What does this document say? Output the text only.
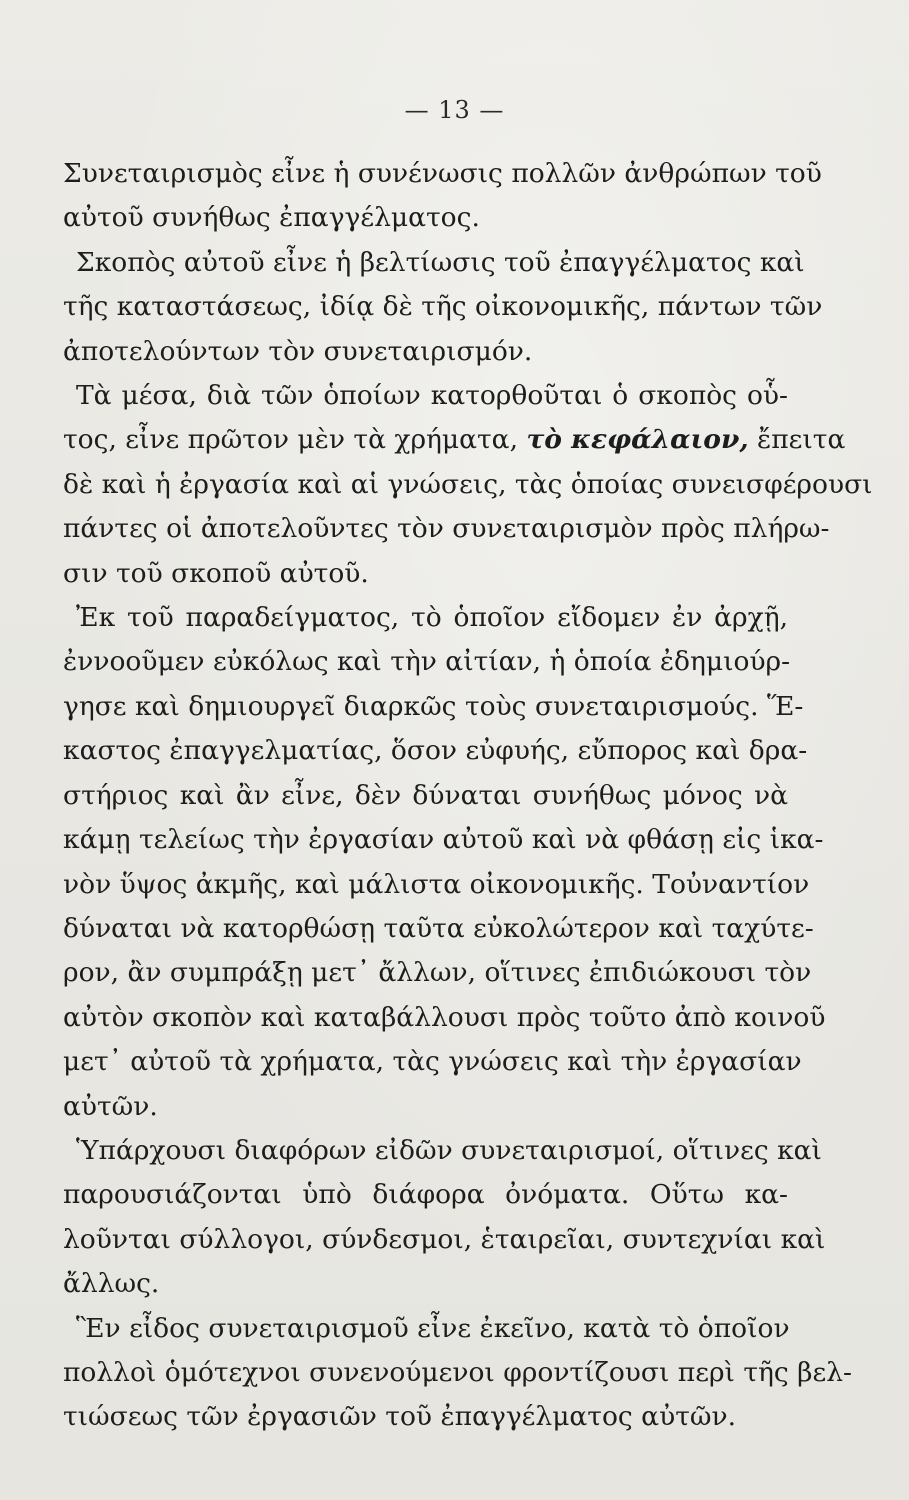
— 13 —
Συνεταιρισμὸς εἶνε ἡ συνένωσις πολλῶν ἀνθρώπων τοῦ
αὐτοῦ συνήθως ἐπαγγέλματος.
Σκοπὸς αὐτοῦ εἶνε ἡ βελτίωσις τοῦ ἐπαγγέλματος καὶ
τῆς καταστάσεως, ἰδίᾳ δὲ τῆς οἰκονομικῆς, πάντων τῶν
ἀποτελούντων τὸν συνεταιρισμόν.
Τὰ μέσα, διὰ τῶν ὁποίων κατορθοῦται ὁ σκοπὸς οὗ-
τος, εἶνε πρῶτον μὲν τὰ χρήματα, τὸ κεφάλαιον, ἔπειτα
δὲ καὶ ἡ ἐργασία καὶ αἱ γνώσεις, τὰς ὁποίας συνεισφέρουσι
πάντες οἱ ἀποτελοῦντες τὸν συνεταιρισμὸν πρὸς πλήρω-
σιν τοῦ σκοποῦ αὐτοῦ.
Ἐκ τοῦ παραδείγματος, τὸ ὁποῖον εἴδομεν ἐν ἀρχῇ,
ἐννοοῦμεν εὐκόλως καὶ τὴν αἰτίαν, ἡ ὁποία ἐδημιούρ-
γησε καὶ δημιουργεῖ διαρκῶς τοὺς συνεταιρισμούς. Ἕ-
καστος ἐπαγγελματίας, ὅσον εὐφυής, εὔπορος καὶ δρα-
στήριος καὶ ἂν εἶνε, δὲν δύναται συνήθως μόνος νὰ
κάμῃ τελείως τὴν ἐργασίαν αὐτοῦ καὶ νὰ φθάσῃ εἰς ἱκα-
νὸν ὕψος ἀκμῆς, καὶ μάλιστα οἰκονομικῆς. Τοὐναντίον
δύναται νὰ κατορθώσῃ ταῦτα εὐκολώτερον καὶ ταχύτε-
ρον, ἂν συμπράξῃ μετ᾽ ἄλλων, οἵτινες ἐπιδιώκουσι τὸν
αὐτὸν σκοπὸν καὶ καταβάλλουσι πρὸς τοῦτο ἀπὸ κοινοῦ
μετ᾽ αὐτοῦ τὰ χρήματα, τὰς γνώσεις καὶ τὴν ἐργασίαν
αὐτῶν.
Ὑπάρχουσι διαφόρων εἰδῶν συνεταιρισμοί, οἵτινες καὶ
παρουσιάζονται ὑπὸ διάφορα ὀνόματα. Οὕτω κα-
λοῦνται σύλλογοι, σύνδεσμοι, ἑταιρεῖαι, συντεχνίαι καὶ
ἄλλως.
Ἓν εἶδος συνεταιρισμοῦ εἶνε ἐκεῖνο, κατὰ τὸ ὁποῖον
πολλοὶ ὁμότεχνοι συνενούμενοι φροντίζουσι περὶ τῆς βελ-
τιώσεως τῶν ἐργασιῶν τοῦ ἐπαγγέλματος αὐτῶν.
